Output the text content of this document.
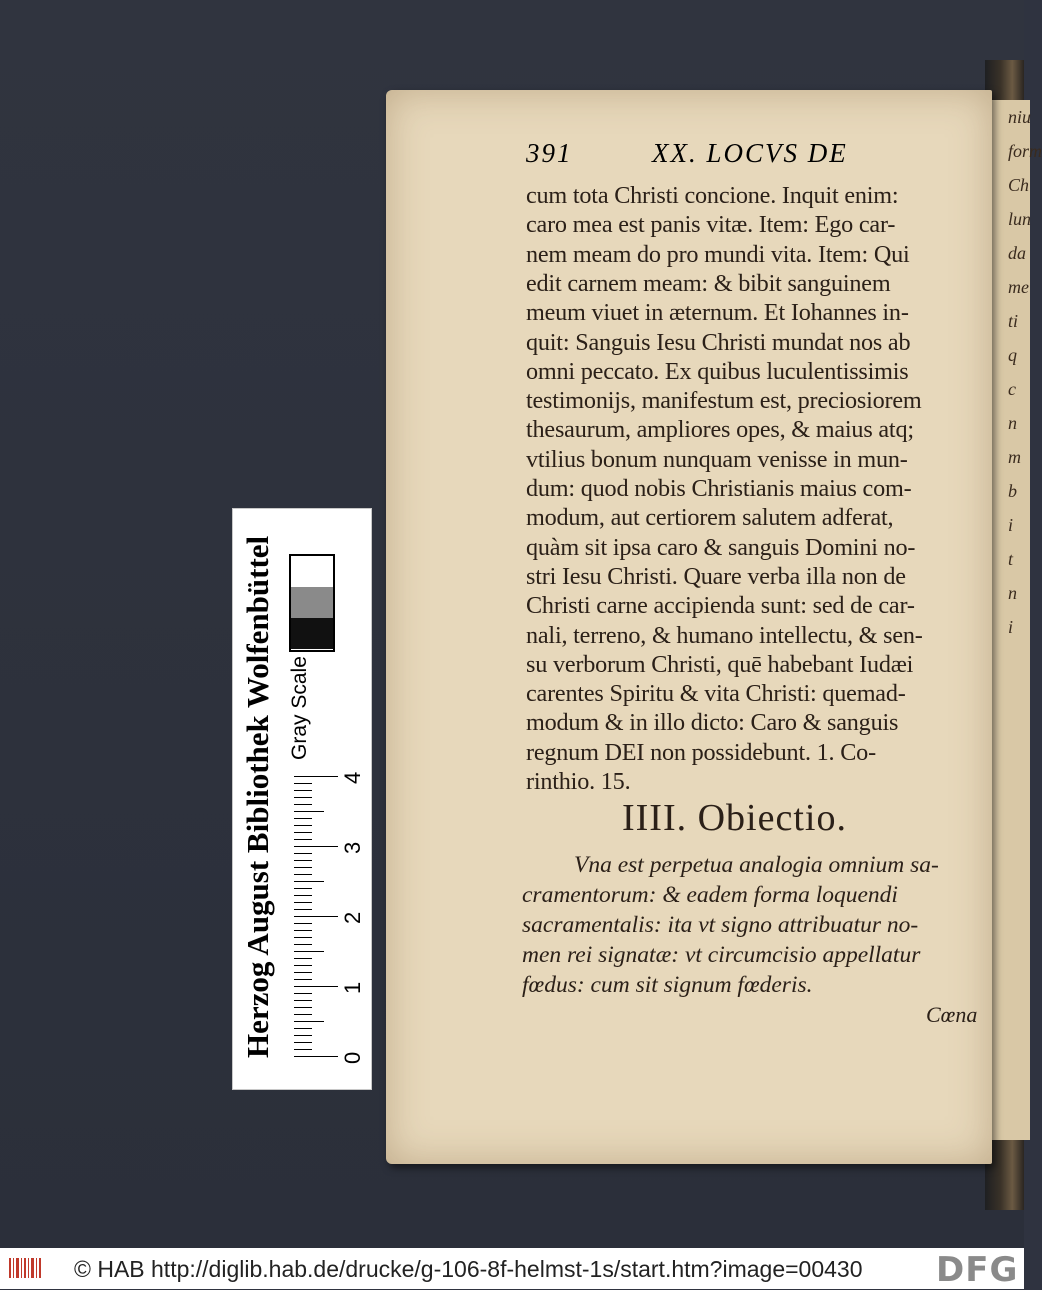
niu
form
Ch
lun
da
me
ti
q
c
n
m
b
i
t
n
i
391	XX. LOCVS DE
cum tota Christi concione. Inquit enim:
caro mea est panis vitæ. Item: Ego car-
nem meam do pro mundi vita. Item: Qui
edit carnem meam: & bibit sanguinem
meum viuet in æternum. Et Iohannes in-
quit: Sanguis Iesu Christi mundat nos ab
omni peccato. Ex quibus luculentissimis
testimonijs, manifestum est, preciosiorem
thesaurum, ampliores opes, & maius atq;
vtilius bonum nunquam venisse in mun-
dum: quod nobis Christianis maius com-
modum, aut certiorem salutem adferat,
quàm sit ipsa caro & sanguis Domini no-
stri Iesu Christi. Quare verba illa non de
Christi carne accipienda sunt: sed de car-
nali, terreno, & humano intellectu, & sen-
su verborum Christi, quē habebant Iudæi
carentes Spiritu & vita Christi: quemad-
modum & in illo dicto: Caro & sanguis
regnum DEI non possidebunt. 1. Co-
rinthio. 15.
IIII. Obiectio.
Vna est perpetua analogia omnium sa-
cramentorum: & eadem forma loquendi
sacramentalis: ita vt signo attribuatur no-
men rei signatæ: vt circumcisio appellatur
fœdus: cum sit signum fœderis.
Cœna
Herzog August Bibliothek Wolfenbüttel Gray Scale
0
1
2
3
4
© HAB http://diglib.hab.de/drucke/g-106-8f-helmst-1s/start.htm?image=00430 DFG
